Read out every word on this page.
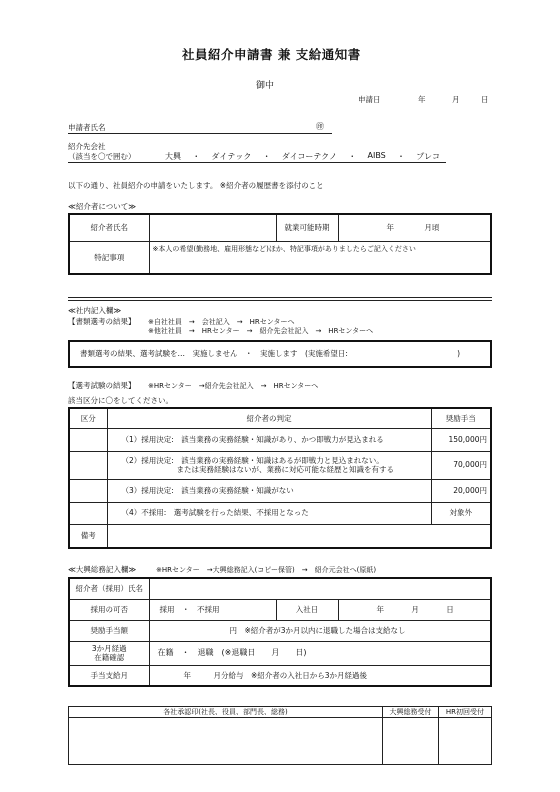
社員紹介申請書 兼 支給通知書
御中
申請日	年	月	日
申請者氏名	㊞
紹介先会社
（該当を〇で囲む）	大興 ・ ダイテック ・ ダイコーテクノ ・ AIBS ・ プレコ
以下の通り、社員紹介の申請をいたします。 ※紹介者の履歴書を添付のこと
≪紹介者について≫
紹介者氏名		就業可能時期	年 月頃
特記事項	※本人の希望(勤務地、雇用形態など)ほか、特記事項がありましたらご記入ください		
≪社内記入欄≫
【書類選考の結果】 ※自社社員　→　会社記入　→　HRセンターへ
※他社社員　→　HRセンター　→　紹介先会社記入　→　HRセンターへ
書類選考の結果、選考試験を…　実施しません　・　実施します　(実施希望日:	)
【選考試験の結果】 ※HRセンター　→紹介先会社記入　→　HRセンターへ
該当区分に〇をしてください。
区分	紹介者の判定	奨励手当
	（1）採用決定:　該当業務の実務経験・知識があり、かつ即戦力が見込まれる	150,000円

	（2）採用決定:　該当業務の実務経験・知識はあるが即戦力と見込まれない。
または実務経験はないが、業務に対応可能な経歴と知識を有する	70,000円
	（3）採用決定:　該当業務の実務経験・知識がない	20,000円
	（4）不採用:　選考試験を行った結果、不採用となった	対象外
備考		
≪大興総務記入欄≫	※HRセンター　→大興総務記入(コピー保管)　→　紹介元会社へ(原紙)
紹介者（採用）氏名			
採用の可否	採用　・　不採用	入社日	年 月 日
奨励手当額	円　※紹介者が3か月以内に退職した場合は支給なし		

3か月経過
在籍確認	在籍　・　退職　(※退職日　　月　　日)		
手当支給月	年　　　月分給与　※紹介者の入社日から3か月経過後		
各社承認印(社長、役員、部門長、総務)	大興総務受付	HR初回受付
